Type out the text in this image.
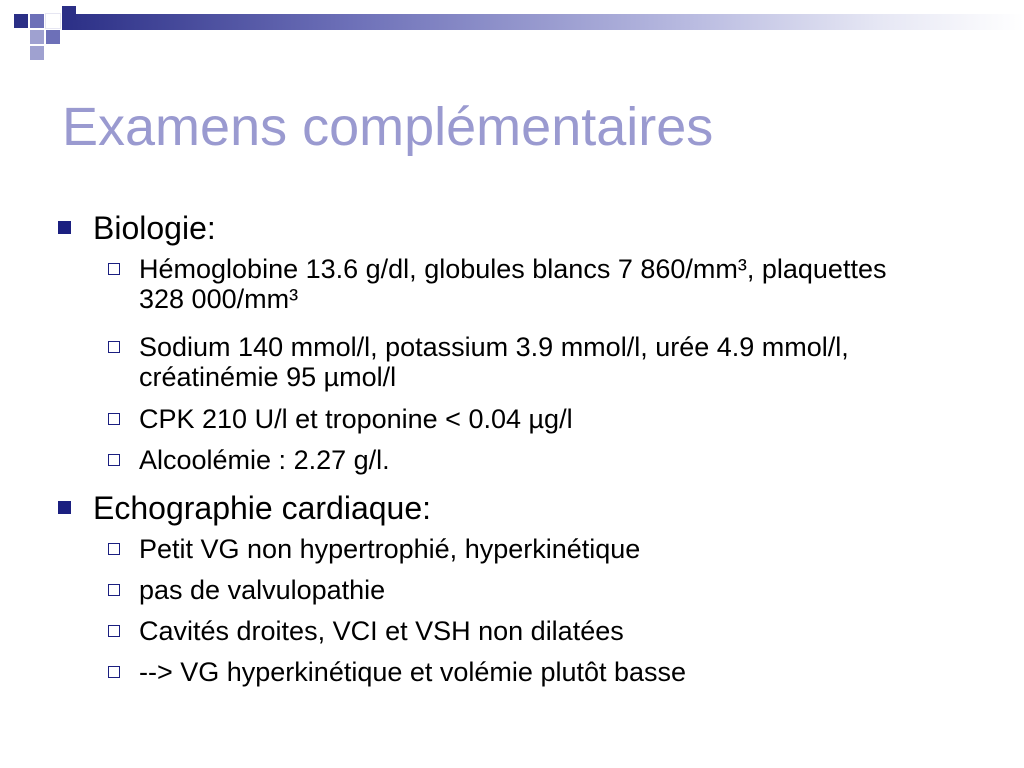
Examens complémentaires
Biologie:
Hémoglobine 13.6 g/dl, globules blancs 7 860/mm³, plaquettes 328 000/mm³
Sodium 140 mmol/l, potassium 3.9 mmol/l, urée 4.9 mmol/l, créatinémie 95 µmol/l
CPK 210 U/l et troponine < 0.04 µg/l
Alcoolémie : 2.27 g/l.
Echographie cardiaque:
Petit VG non hypertrophié, hyperkinétique
pas de valvulopathie
Cavités droites, VCI et VSH non dilatées
--> VG hyperkinétique et volémie plutôt basse
